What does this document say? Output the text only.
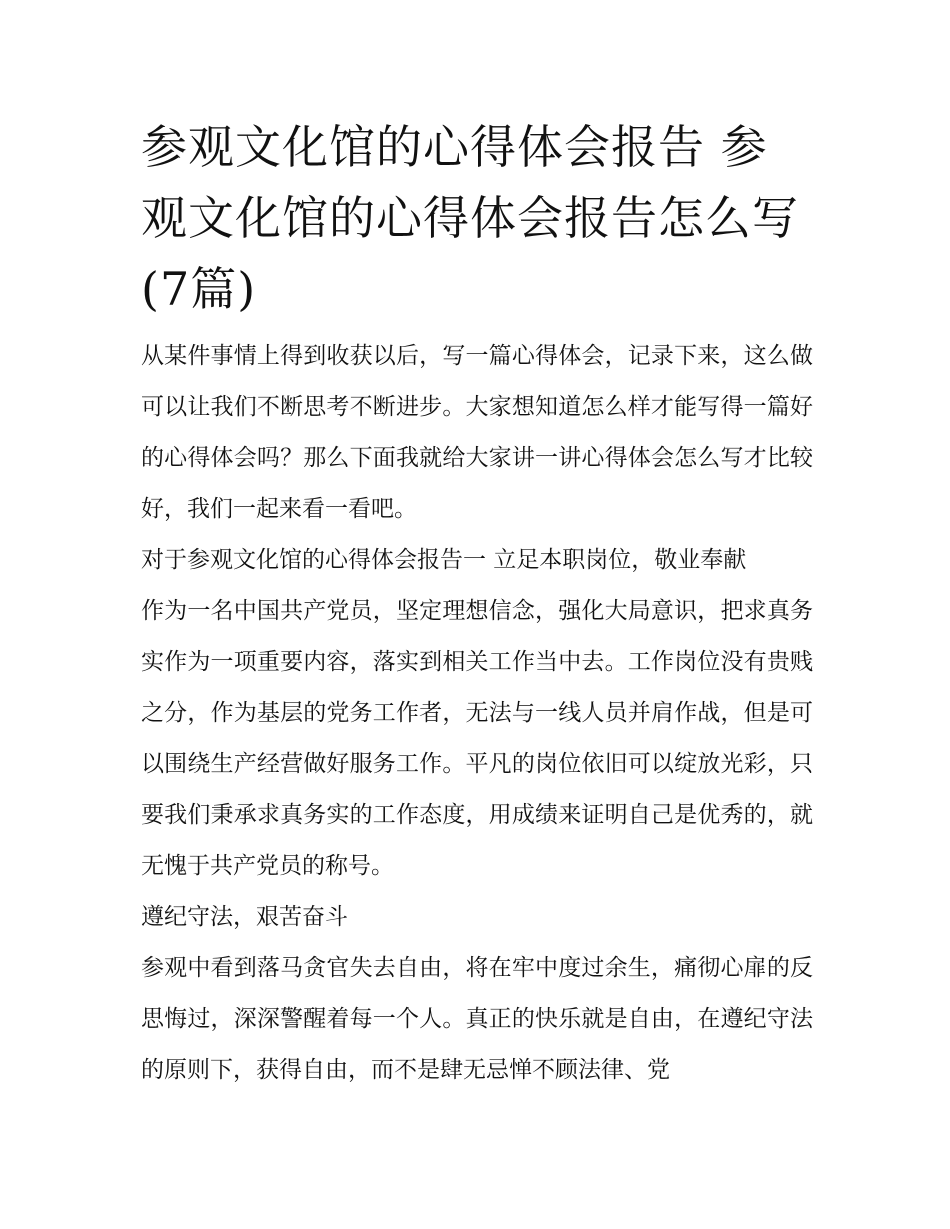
参观文化馆的心得体会报告 参观文化馆的心得体会报告怎么写(7篇)

从某件事情上得到收获以后，写一篇心得体会，记录下来，这么做可以让我们不断思考不断进步。大家想知道怎么样才能写得一篇好的心得体会吗？那么下面我就给大家讲一讲心得体会怎么写才比较好，我们一起来看一看吧。

对于参观文化馆的心得体会报告一 立足本职岗位，敬业奉献

作为一名中国共产党员，坚定理想信念，强化大局意识，把求真务实作为一项重要内容，落实到相关工作当中去。工作岗位没有贵贱之分，作为基层的党务工作者，无法与一线人员并肩作战，但是可以围绕生产经营做好服务工作。平凡的岗位依旧可以绽放光彩，只要我们秉承求真务实的工作态度，用成绩来证明自己是优秀的，就无愧于共产党员的称号。

遵纪守法，艰苦奋斗

参观中看到落马贪官失去自由，将在牢中度过余生，痛彻心扉的反思悔过，深深警醒着每一个人。真正的快乐就是自由，在遵纪守法的原则下，获得自由，而不是肆无忌惮不顾法律、党
